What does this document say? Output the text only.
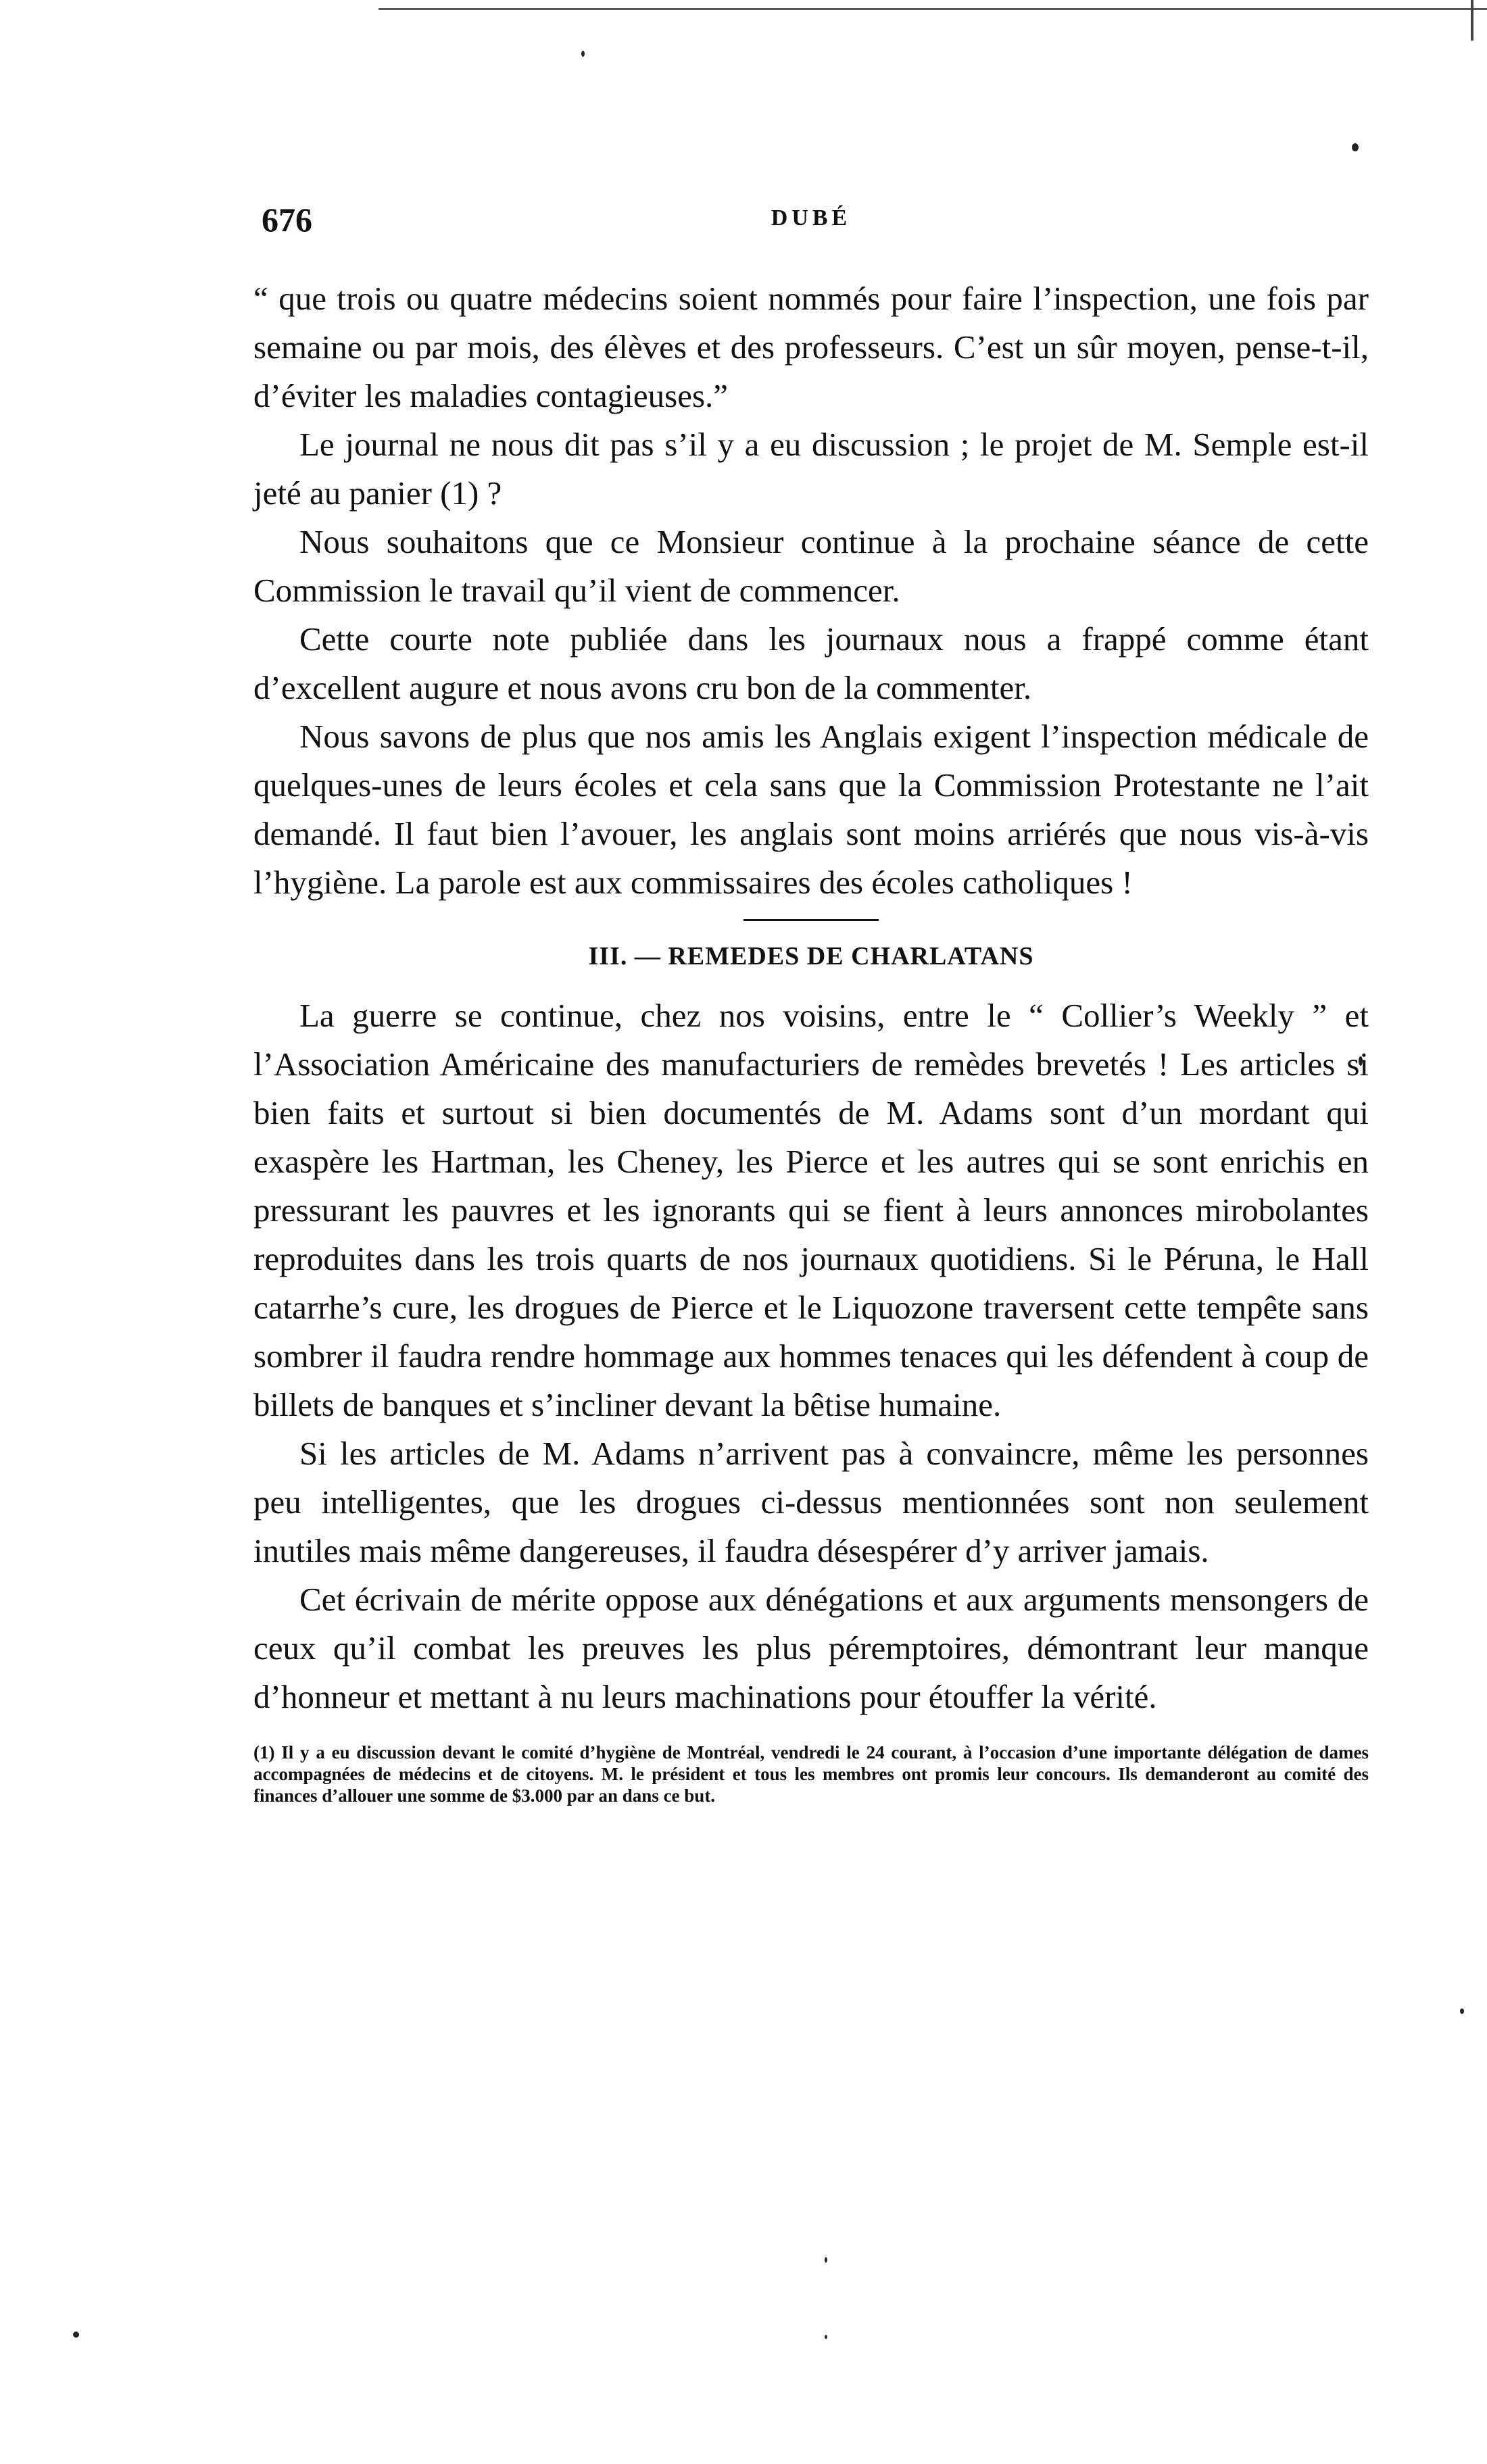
676	DUBÉ

“ que trois ou quatre médecins soient nommés pour faire l’inspection, une fois par semaine ou par mois, des élèves et des professeurs. C’est un sûr moyen, pense-t-il, d’éviter les maladies contagieuses.”

Le journal ne nous dit pas s’il y a eu discussion ; le projet de M. Semple est-il jeté au panier (1) ?

Nous souhaitons que ce Monsieur continue à la prochaine séance de cette Commission le travail qu’il vient de commencer.

Cette courte note publiée dans les journaux nous a frappé comme étant d’excellent augure et nous avons cru bon de la commenter.

Nous savons de plus que nos amis les Anglais exigent l’inspection médicale de quelques-unes de leurs écoles et cela sans que la Commission Protestante ne l’ait demandé. Il faut bien l’avouer, les anglais sont moins arriérés que nous vis-à-vis l’hygiène. La parole est aux commissaires des écoles catholiques !

III. — REMEDES DE CHARLATANS

La guerre se continue, chez nos voisins, entre le “ Collier’s Weekly ” et l’Association Américaine des manufacturiers de remèdes brevetés ! Les articles si bien faits et surtout si bien documentés de M. Adams sont d’un mordant qui exaspère les Hartman, les Cheney, les Pierce et les autres qui se sont enrichis en pressurant les pauvres et les ignorants qui se fient à leurs annonces mirobolantes reproduites dans les trois quarts de nos journaux quotidiens. Si le Péruna, le Hall catarrhe’s cure, les drogues de Pierce et le Liquozone traversent cette tempête sans sombrer il faudra rendre hommage aux hommes tenaces qui les défendent à coup de billets de banques et s’incliner devant la bêtise humaine.

Si les articles de M. Adams n’arrivent pas à convaincre, même les personnes peu intelligentes, que les drogues ci-dessus mentionnées sont non seulement inutiles mais même dangereuses, il faudra désespérer d’y arriver jamais.

Cet écrivain de mérite oppose aux dénégations et aux arguments mensongers de ceux qu’il combat les preuves les plus péremptoires, démontrant leur manque d’honneur et mettant à nu leurs machinations pour étouffer la vérité.

(1) Il y a eu discussion devant le comité d’hygiène de Montréal, vendredi le 24 courant, à l’occasion d’une importante délégation de dames accompagnées de médecins et de citoyens. M. le président et tous les membres ont promis leur concours. Ils demanderont au comité des finances d’allouer une somme de $3.000 par an dans ce but.
